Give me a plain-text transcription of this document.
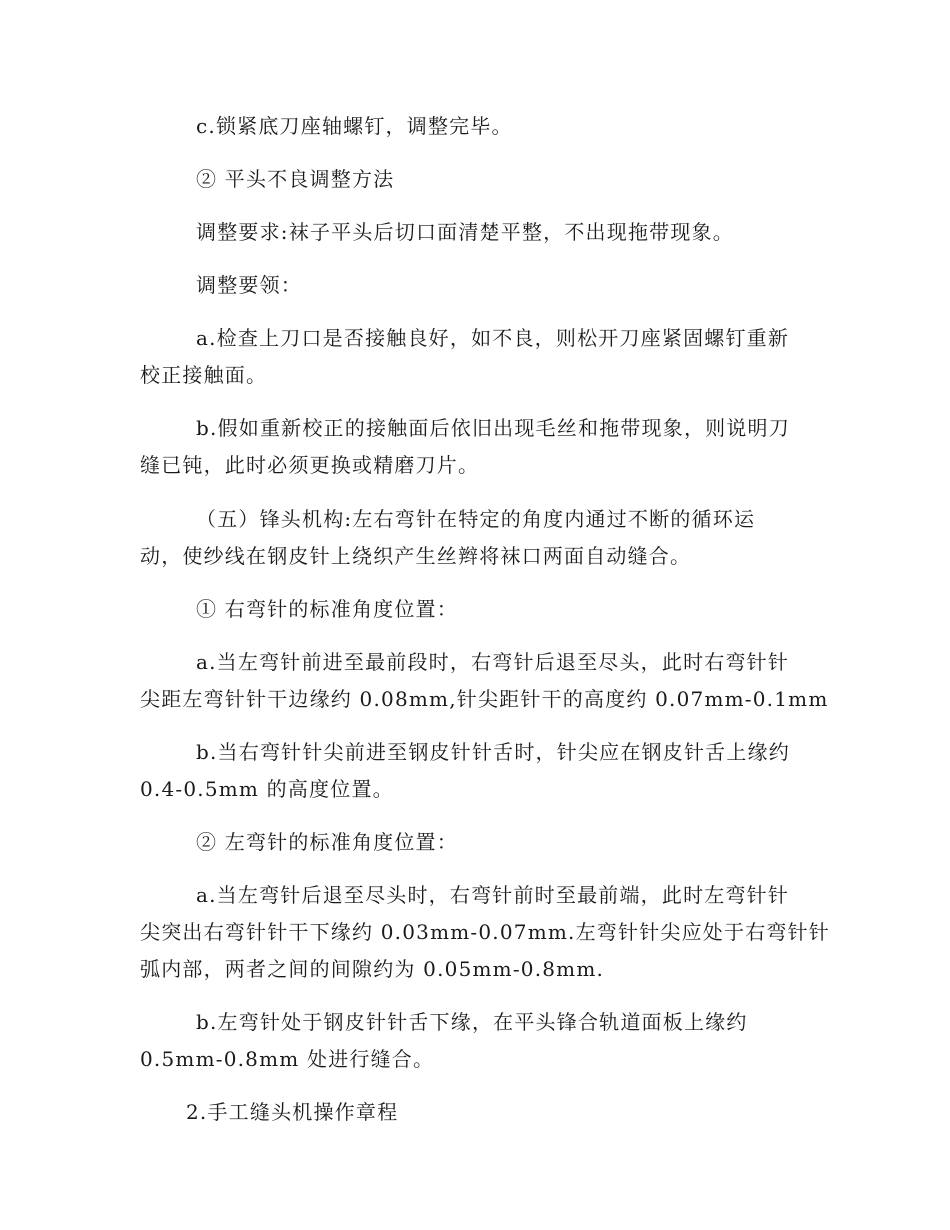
c.锁紧底刀座轴螺钉，调整完毕。
② 平头不良调整方法
调整要求:袜子平头后切口面清楚平整，不出现拖带现象。
调整要领：
a.检查上刀口是否接触良好，如不良，则松开刀座紧固螺钉重新
校正接触面。
b.假如重新校正的接触面后依旧出现毛丝和拖带现象，则说明刀
缝已钝，此时必须更换或精磨刀片。
（五）锋头机构:左右弯针在特定的角度内通过不断的循环运
动，使纱线在钢皮针上绕织产生丝辫将袜口两面自动缝合。
① 右弯针的标准角度位置：
a.当左弯针前进至最前段时，右弯针后退至尽头，此时右弯针针
尖距左弯针针干边缘约 0.08mm,针尖距针干的高度约 0.07mm-0.1mm
b.当右弯针针尖前进至钢皮针针舌时，针尖应在钢皮针舌上缘约
0.4-0.5mm 的高度位置。
② 左弯针的标准角度位置：
a.当左弯针后退至尽头时，右弯针前时至最前端，此时左弯针针
尖突出右弯针针干下缘约 0.03mm-0.07mm.左弯针针尖应处于右弯针针
弧内部，两者之间的间隙约为 0.05mm-0.8mm.
b.左弯针处于钢皮针针舌下缘，在平头锋合轨道面板上缘约
0.5mm-0.8mm 处进行缝合。
2.手工缝头机操作章程
